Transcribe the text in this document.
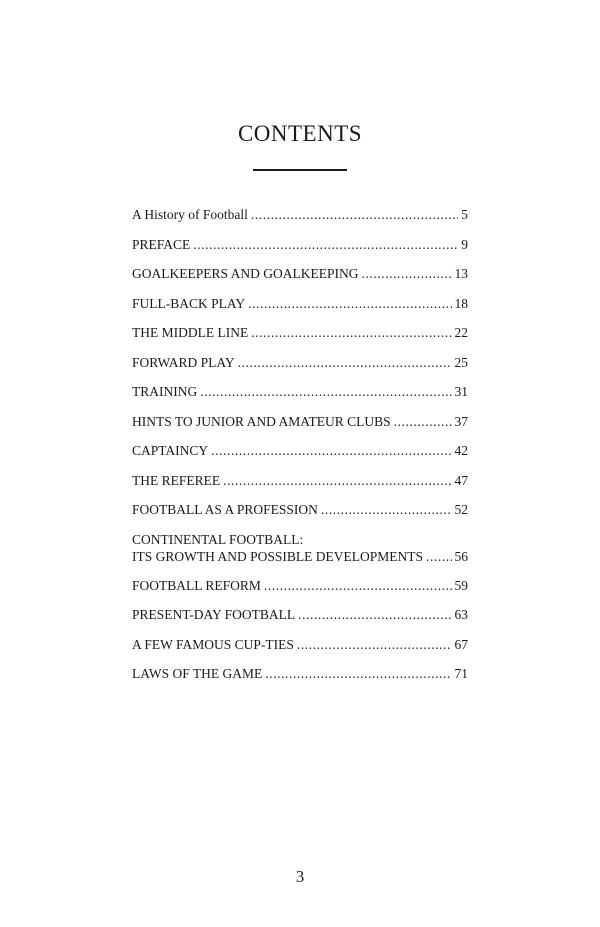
CONTENTS
A History of Football . . .	5
PREFACE . . .	9
GOALKEEPERS AND GOALKEEPING . . .	13
FULL-BACK PLAY . . .	18
THE MIDDLE LINE . . .	22
FORWARD PLAY . . .	25
TRAINING . . .	31
HINTS TO JUNIOR AND AMATEUR CLUBS . . .	37
CAPTAINCY . . .	42
THE REFEREE . . .	47
FOOTBALL AS A PROFESSION . . .	52
CONTINENTAL FOOTBALL:
ITS GROWTH AND POSSIBLE DEVELOPMENTS . . . 56
FOOTBALL REFORM . . .	59
PRESENT-DAY FOOTBALL . . .	63
A FEW FAMOUS CUP-TIES . . .	67
LAWS OF THE GAME . . .	71
3
